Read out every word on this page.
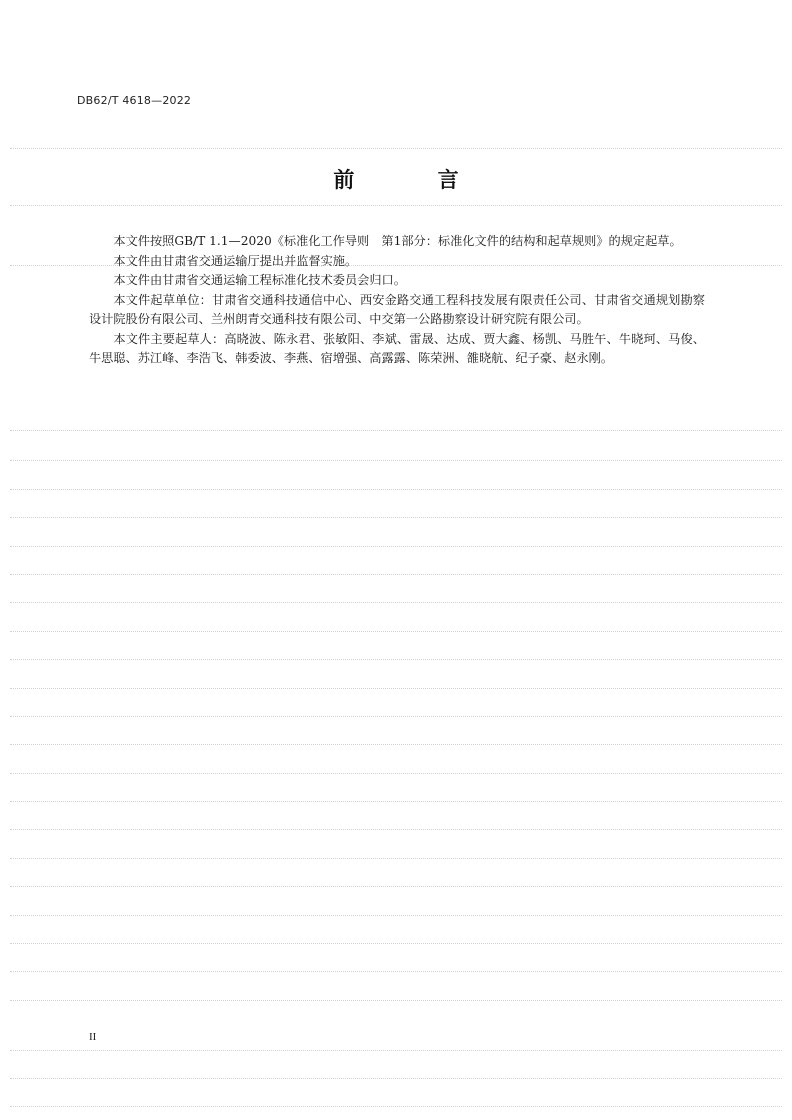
DB62/T 4618—2022
前 言

本文件按照GB/T 1.1—2020《标准化工作导则　第1部分：标准化文件的结构和起草规则》的规定起草。

本文件由甘肃省交通运输厅提出并监督实施。

本文件由甘肃省交通运输工程标准化技术委员会归口。

本文件起草单位：甘肃省交通科技通信中心、西安金路交通工程科技发展有限责任公司、甘肃省交通规划勘察设计院股份有限公司、兰州朗青交通科技有限公司、中交第一公路勘察设计研究院有限公司。

本文件主要起草人：高晓波、陈永君、张敏阳、李斌、雷晟、达成、贾大鑫、杨凯、马胜午、牛晓珂、马俊、牛思聪、苏江峰、李浩飞、韩委波、李燕、宿增强、高露露、陈荣洲、雒晓航、纪子豪、赵永刚。

II
